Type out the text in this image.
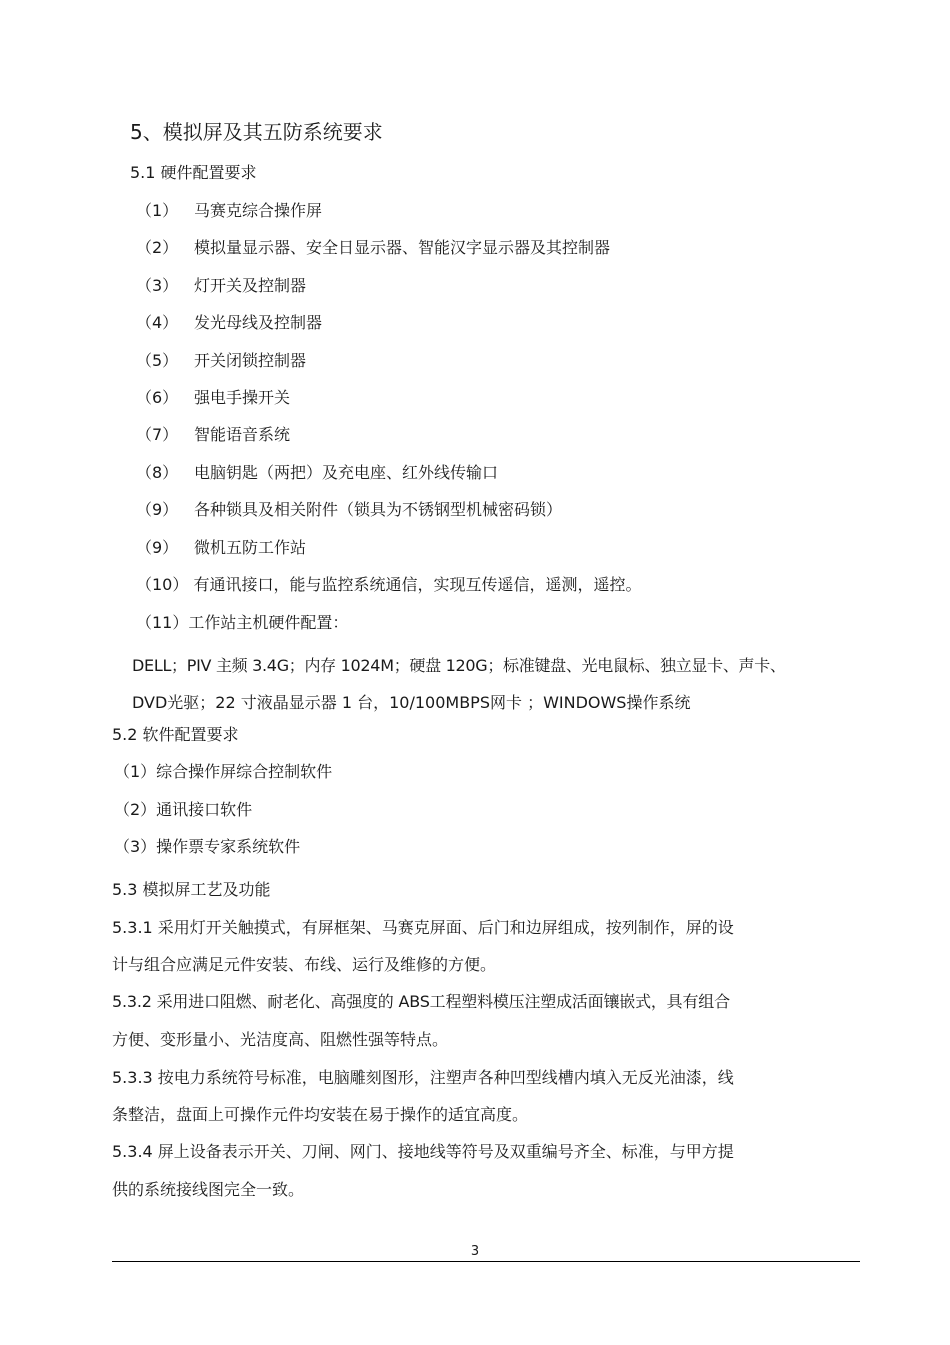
5、模拟屏及其五防系统要求
5.1 硬件配置要求
（1） 马赛克综合操作屏
（2） 模拟量显示器、安全日显示器、智能汉字显示器及其控制器
（3） 灯开关及控制器
（4） 发光母线及控制器
（5） 开关闭锁控制器
（6） 强电手操开关
（7） 智能语音系统
（8） 电脑钥匙（两把）及充电座、红外线传输口
（9） 各种锁具及相关附件（锁具为不锈钢型机械密码锁）
（9） 微机五防工作站
（10） 有通讯接口，能与监控系统通信，实现互传遥信，遥测，遥控。
（11）工作站主机硬件配置：
DELL；PIV 主频 3.4G；内存 1024M；硬盘 120G；标准键盘、光电鼠标、独立显卡、声卡、
DVD光驱；22 寸液晶显示器 1 台，10/100MBPS网卡 ；WINDOWS操作系统
5.2 软件配置要求
（1）综合操作屏综合控制软件
（2）通讯接口软件
（3）操作票专家系统软件
5.3 模拟屏工艺及功能
5.3.1 采用灯开关触摸式，有屏框架、马赛克屏面、后门和边屏组成，按列制作，屏的设
计与组合应满足元件安装、布线、运行及维修的方便。
5.3.2 采用进口阻燃、耐老化、高强度的 ABS工程塑料模压注塑成活面镶嵌式，具有组合
方便、变形量小、光洁度高、阻燃性强等特点。
5.3.3 按电力系统符号标准，电脑雕刻图形，注塑声各种凹型线槽内填入无反光油漆，线
条整洁，盘面上可操作元件均安装在易于操作的适宜高度。
5.3.4 屏上设备表示开关、刀闸、网门、接地线等符号及双重编号齐全、标准，与甲方提
供的系统接线图完全一致。
3
